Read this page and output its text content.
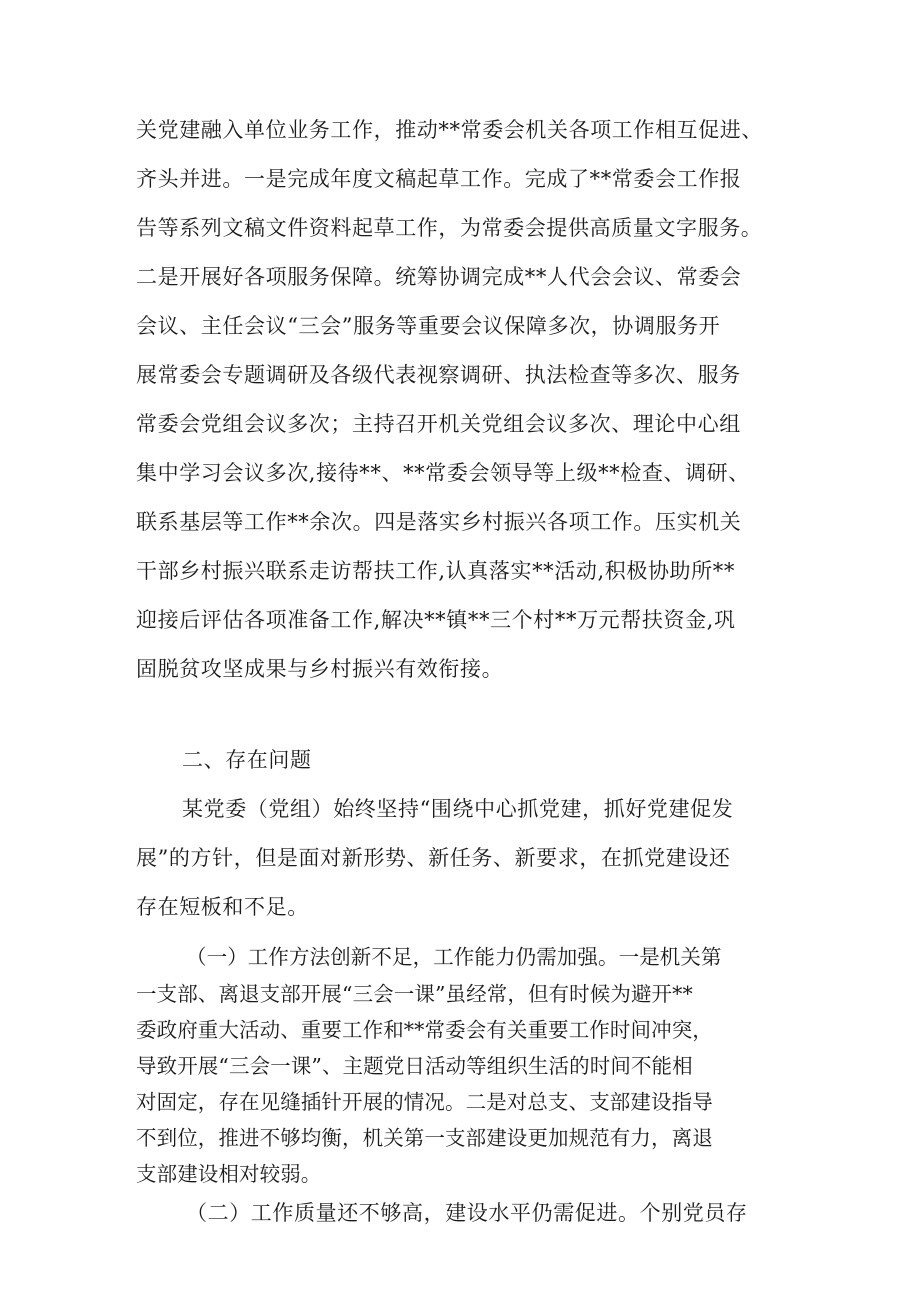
关党建融入单位业务工作，推动**常委会机关各项工作相互促进、
齐头并进。一是完成年度文稿起草工作。完成了**常委会工作报
告等系列文稿文件资料起草工作，为常委会提供高质量文字服务。
二是开展好各项服务保障。统筹协调完成**人代会会议、常委会
会议、主任会议“三会”服务等重要会议保障多次，协调服务开
展常委会专题调研及各级代表视察调研、执法检查等多次、服务
常委会党组会议多次；主持召开机关党组会议多次、理论中心组
集中学习会议多次,接待**、**常委会领导等上级**检查、调研、
联系基层等工作**余次。四是落实乡村振兴各项工作。压实机关
干部乡村振兴联系走访帮扶工作,认真落实**活动,积极协助所**
迎接后评估各项准备工作,解决**镇**三个村**万元帮扶资金,巩
固脱贫攻坚成果与乡村振兴有效衔接。
二、存在问题
某党委（党组）始终坚持“围绕中心抓党建，抓好党建促发
展”的方针，但是面对新形势、新任务、新要求，在抓党建设还
存在短板和不足。
（一）工作方法创新不足，工作能力仍需加强。一是机关第
一支部、离退支部开展“三会一课”虽经常，但有时候为避开**
委政府重大活动、重要工作和**常委会有关重要工作时间冲突，
导致开展“三会一课”、主题党日活动等组织生活的时间不能相
对固定，存在见缝插针开展的情况。二是对总支、支部建设指导
不到位，推进不够均衡，机关第一支部建设更加规范有力，离退
支部建设相对较弱。
（二）工作质量还不够高，建设水平仍需促进。个别党员存
